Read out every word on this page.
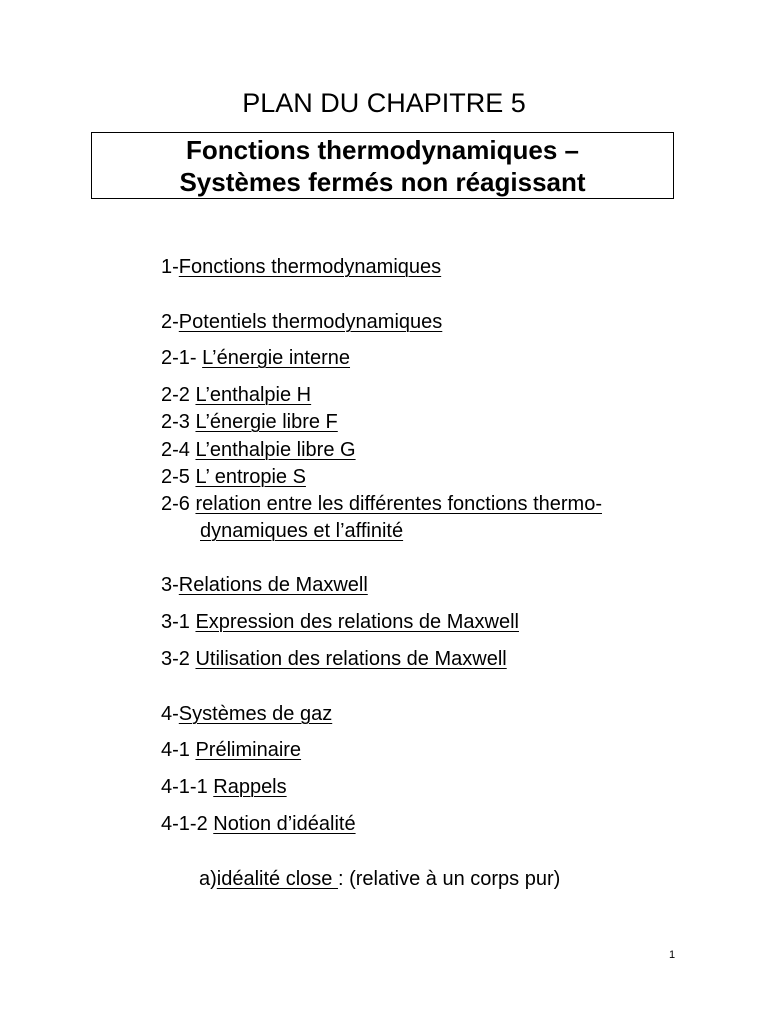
PLAN DU CHAPITRE 5
Fonctions thermodynamiques –
Systèmes fermés non réagissant
1-Fonctions thermodynamiques
2-Potentiels thermodynamiques
2-1- L’énergie interne
2-2 L’enthalpie H
2-3 L’énergie libre F
2-4 L’enthalpie libre G
2-5 L’ entropie S
2-6 relation entre les différentes fonctions thermo-
dynamiques et l’affinité
3-Relations de Maxwell
3-1 Expression des relations de Maxwell
3-2 Utilisation des relations de Maxwell
4-Systèmes de gaz
4-1 Préliminaire
4-1-1 Rappels
4-1-2 Notion d’idéalité
a)idéalité close : (relative à un corps pur)
1
